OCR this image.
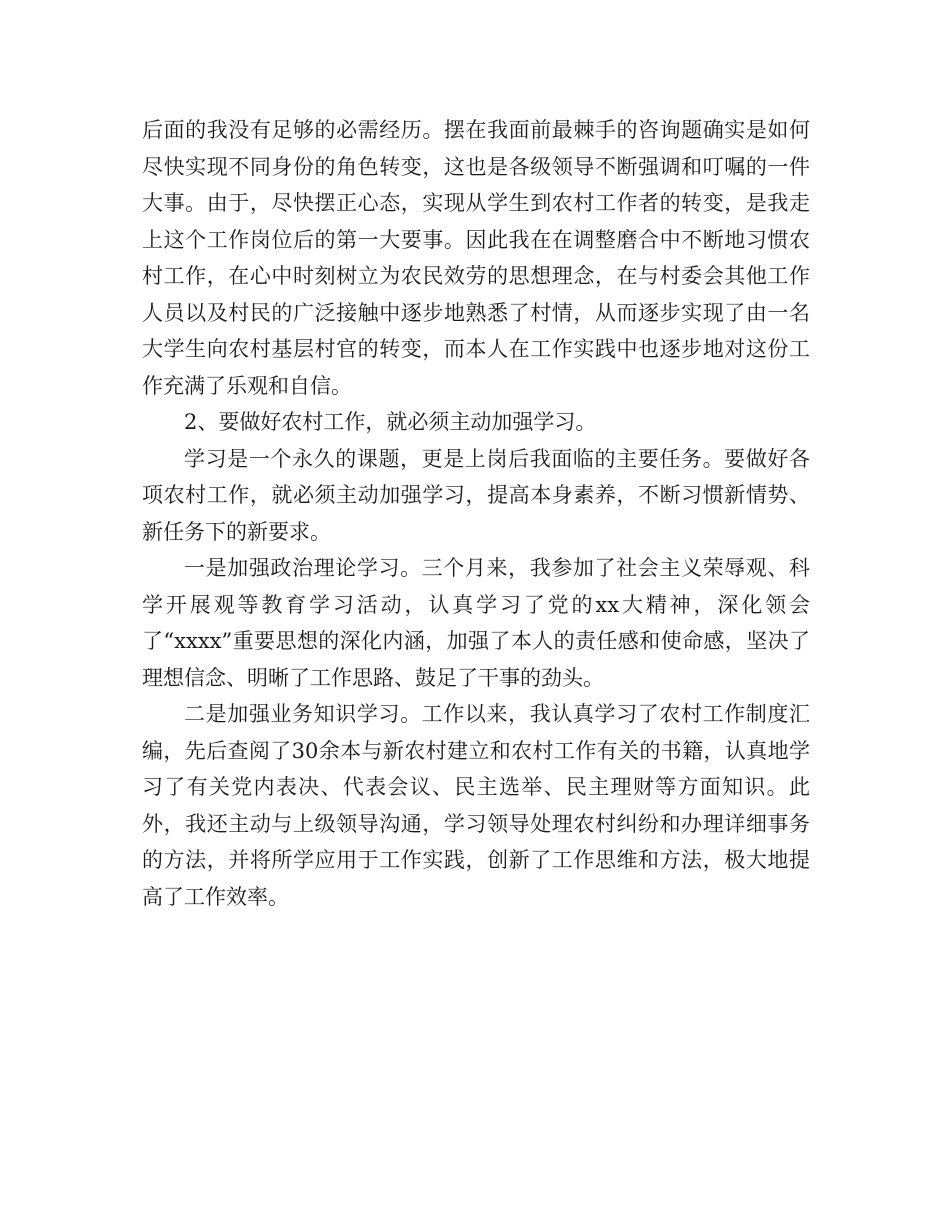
后面的我没有足够的必需经历。摆在我面前最棘手的咨询题确实是如何尽快实现不同身份的角色转变，这也是各级领导不断强调和叮嘱的一件大事。由于，尽快摆正心态，实现从学生到农村工作者的转变，是我走上这个工作岗位后的第一大要事。因此我在在调整磨合中不断地习惯农村工作，在心中时刻树立为农民效劳的思想理念，在与村委会其他工作人员以及村民的广泛接触中逐步地熟悉了村情，从而逐步实现了由一名大学生向农村基层村官的转变，而本人在工作实践中也逐步地对这份工作充满了乐观和自信。

2、要做好农村工作，就必须主动加强学习。

学习是一个永久的课题，更是上岗后我面临的主要任务。要做好各项农村工作，就必须主动加强学习，提高本身素养，不断习惯新情势、新任务下的新要求。

一是加强政治理论学习。三个月来，我参加了社会主义荣辱观、科学开展观等教育学习活动，认真学习了党的xx大精神，深化领会了“xxxx”重要思想的深化内涵，加强了本人的责任感和使命感，坚决了理想信念、明晰了工作思路、鼓足了干事的劲头。

二是加强业务知识学习。工作以来，我认真学习了农村工作制度汇编，先后查阅了30余本与新农村建立和农村工作有关的书籍，认真地学习了有关党内表决、代表会议、民主选举、民主理财等方面知识。此外，我还主动与上级领导沟通，学习领导处理农村纠纷和办理详细事务的方法，并将所学应用于工作实践，创新了工作思维和方法，极大地提高了工作效率。
